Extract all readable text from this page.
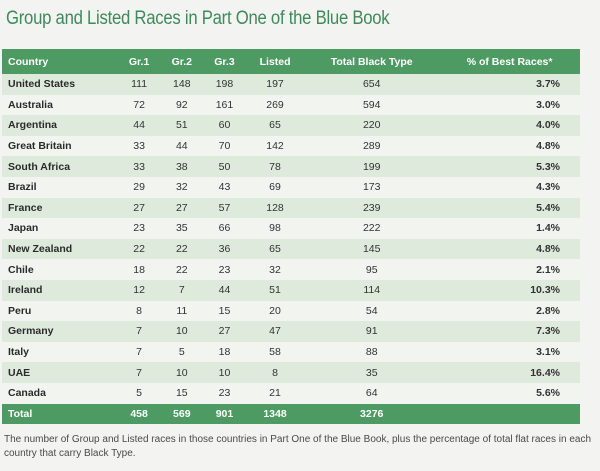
Group and Listed Races in Part One of the Blue Book
Country	Gr.1	Gr.2	Gr.3	Listed	Total Black Type	% of Best Races*
United States	111	148	198	197	654	3.7%
Australia	72	92	161	269	594	3.0%
Argentina	44	51	60	65	220	4.0%
Great Britain	33	44	70	142	289	4.8%
South Africa	33	38	50	78	199	5.3%
Brazil	29	32	43	69	173	4.3%
France	27	27	57	128	239	5.4%
Japan	23	35	66	98	222	1.4%
New Zealand	22	22	36	65	145	4.8%
Chile	18	22	23	32	95	2.1%
Ireland	12	7	44	51	114	10.3%
Peru	8	11	15	20	54	2.8%
Germany	7	10	27	47	91	7.3%
Italy	7	5	18	58	88	3.1%
UAE	7	10	10	8	35	16.4%
Canada	5	15	23	21	64	5.6%
Total	458	569	901	1348	3276	
The number of Group and Listed races in those countries in Part One of the Blue Book, plus the percentage of total flat races in each country that carry Black Type.
